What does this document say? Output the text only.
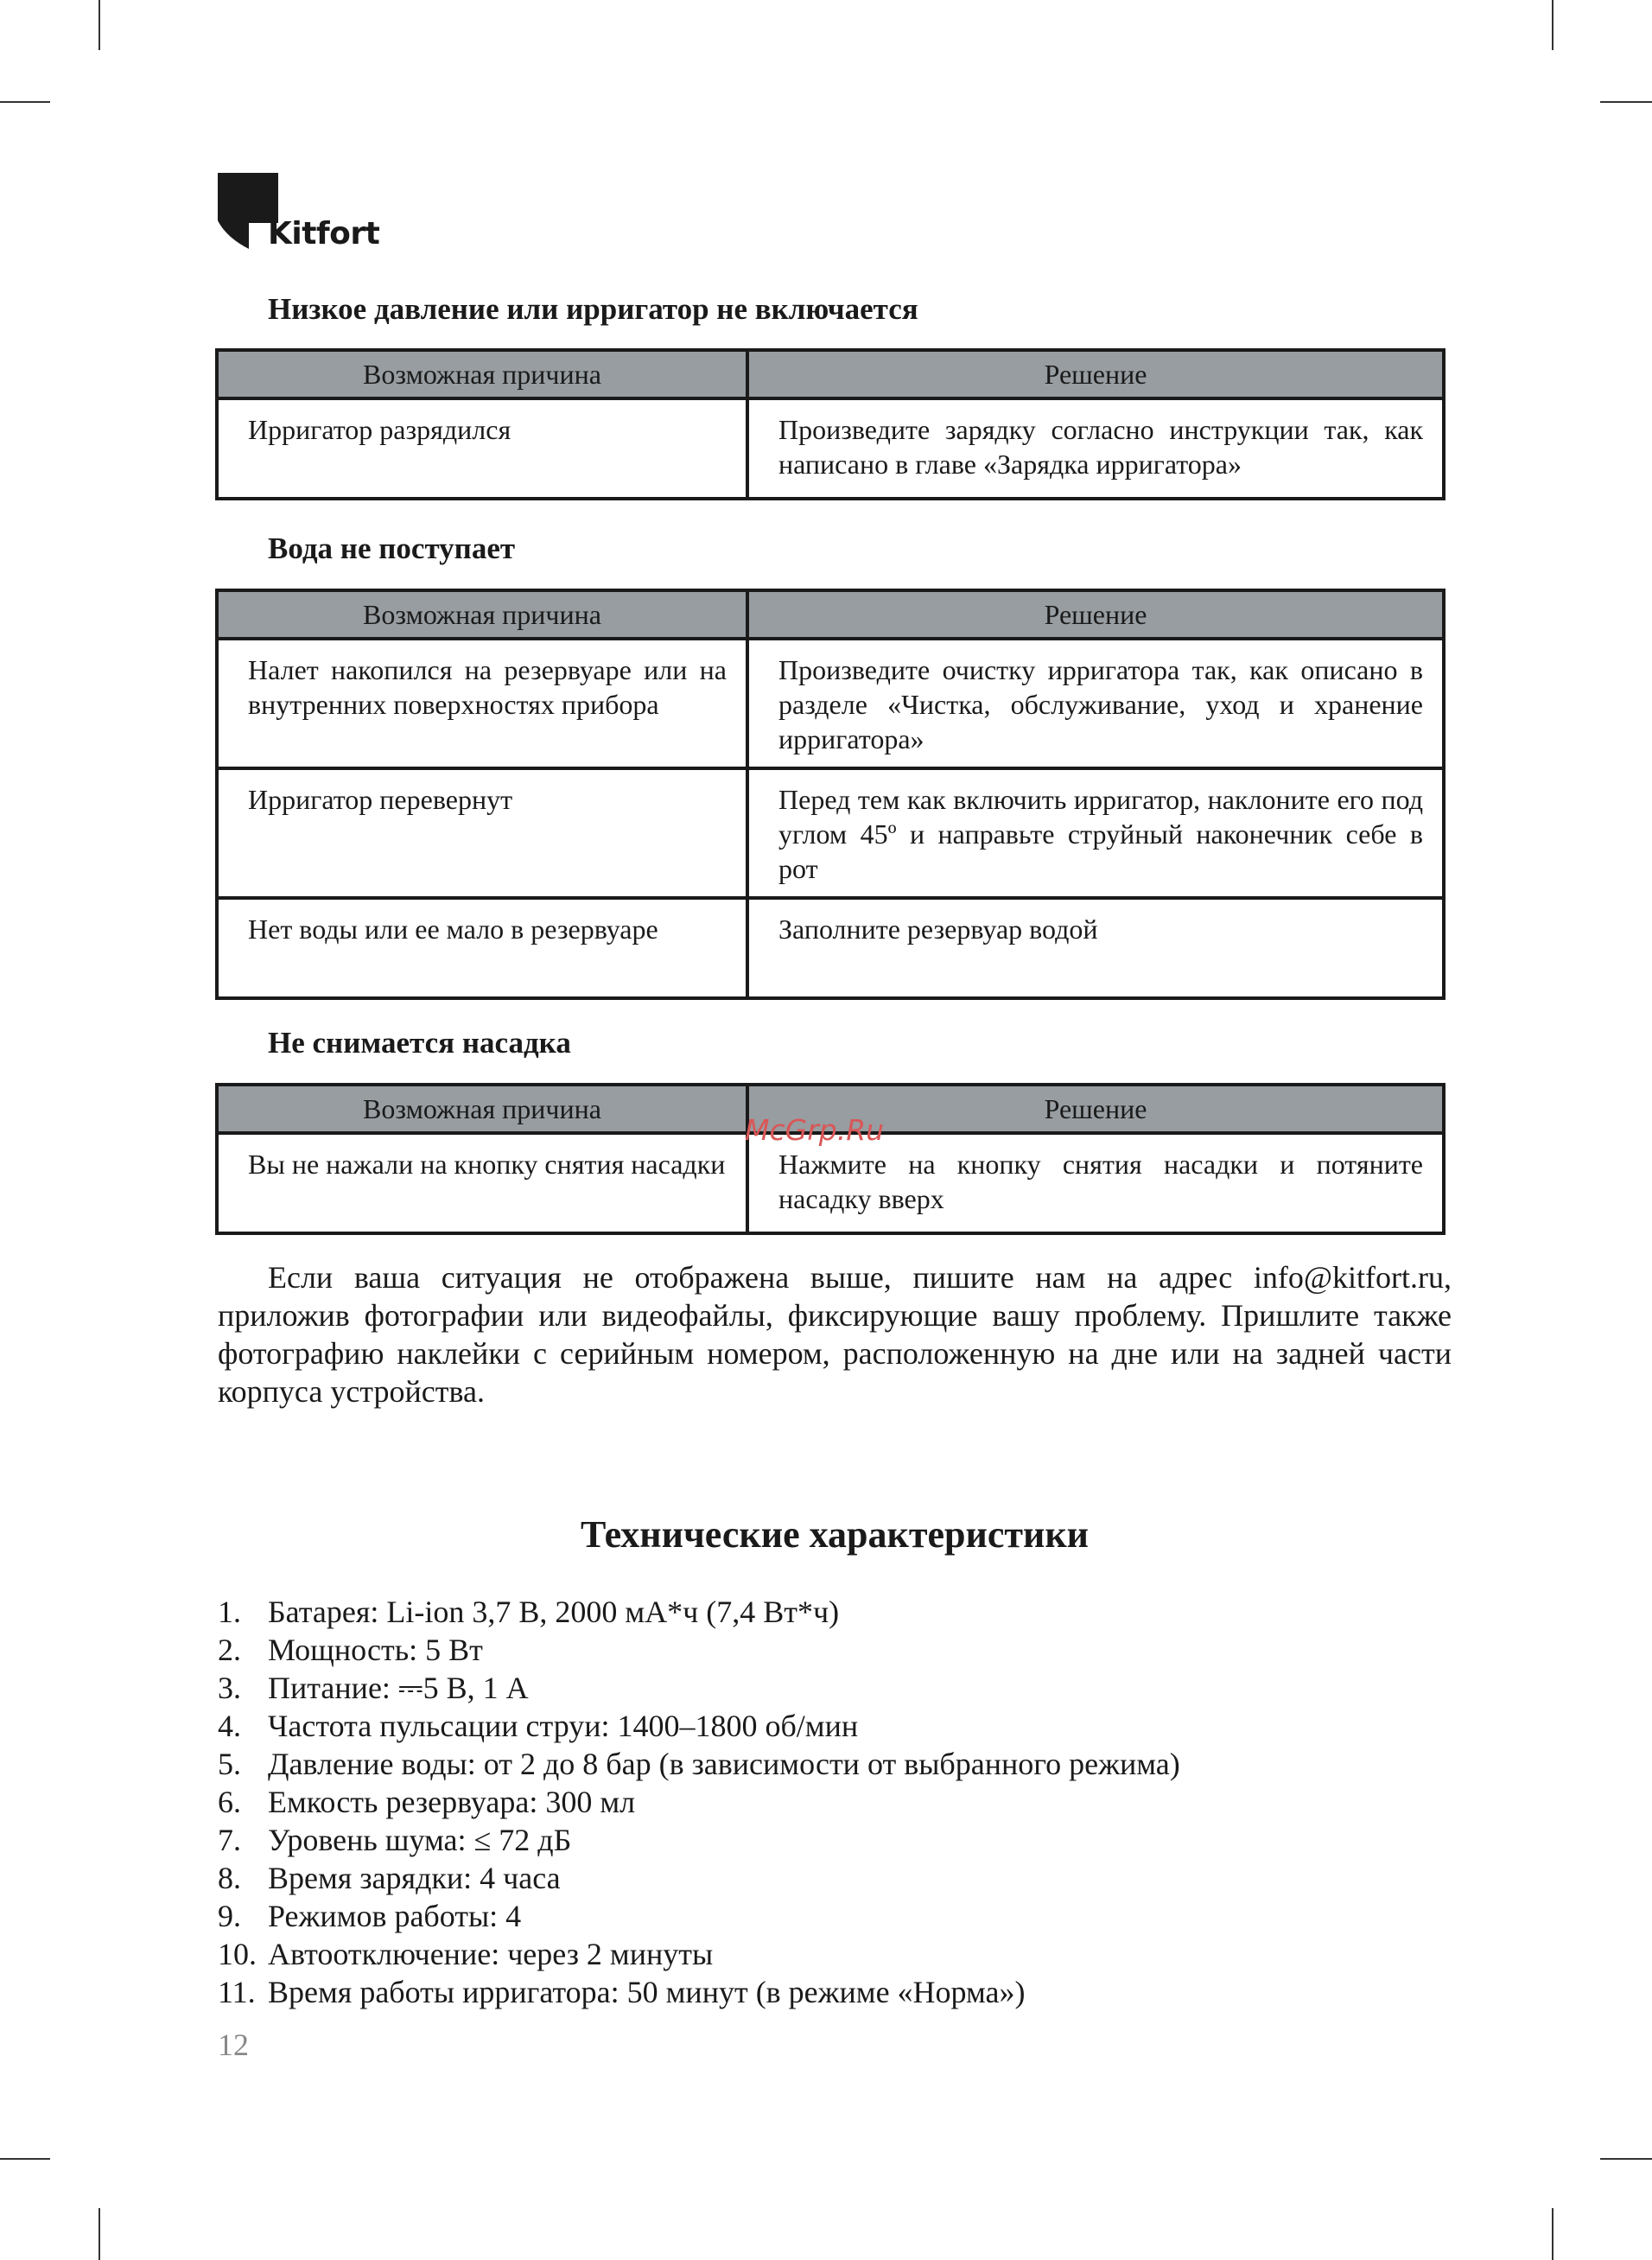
Kitfort
Низкое давление или ирригатор не включается
Возможная причина	Решение
Ирригатор разрядился	Произведите зарядку согласно инструкции так, как написано в главе «Зарядка ирригатора»
Вода не поступает
Возможная причина	Решение
Налет накопился на резервуаре или на внутренних поверхностях прибора	Произведите очистку ирригатора так, как описано в разделе «Чистка, обслуживание, уход и хранение ирригатора»
Ирригатор перевернут	Перед тем как включить ирригатор, наклоните его под углом 45º и направьте струйный наконечник себе в рот
Нет воды или ее мало в резервуаре	Заполните резервуар водой
Не снимается насадка
Возможная причина	Решение
Вы не нажали на кнопку снятия насадки	Нажмите на кнопку снятия насадки и потяните насадку вверх
McGrp.Ru

Если ваша ситуация не отображена выше, пишите нам на адрес info@kitfort.ru, приложив фотографии или видеофайлы, фиксирующие вашу проблему. Пришлите также фотографию наклейки с серийным номером, расположенную на дне или на задней части корпуса устройства.

Технические характеристики
1. Батарея: Li-ion 3,7 В, 2000 мА*ч (7,4 Вт*ч)
2. Мощность: 5 Вт
3. Питание: ⎓5 В, 1 А
4. Частота пульсации струи: 1400–1800 об/мин
5. Давление воды: от 2 до 8 бар (в зависимости от выбранного режима)
6. Емкость резервуара: 300 мл
7. Уровень шума: ≤ 72 дБ
8. Время зарядки: 4 часа
9. Режимов работы: 4
10. Автоотключение: через 2 минуты
11. Время работы ирригатора: 50 минут (в режиме «Норма»)
12
